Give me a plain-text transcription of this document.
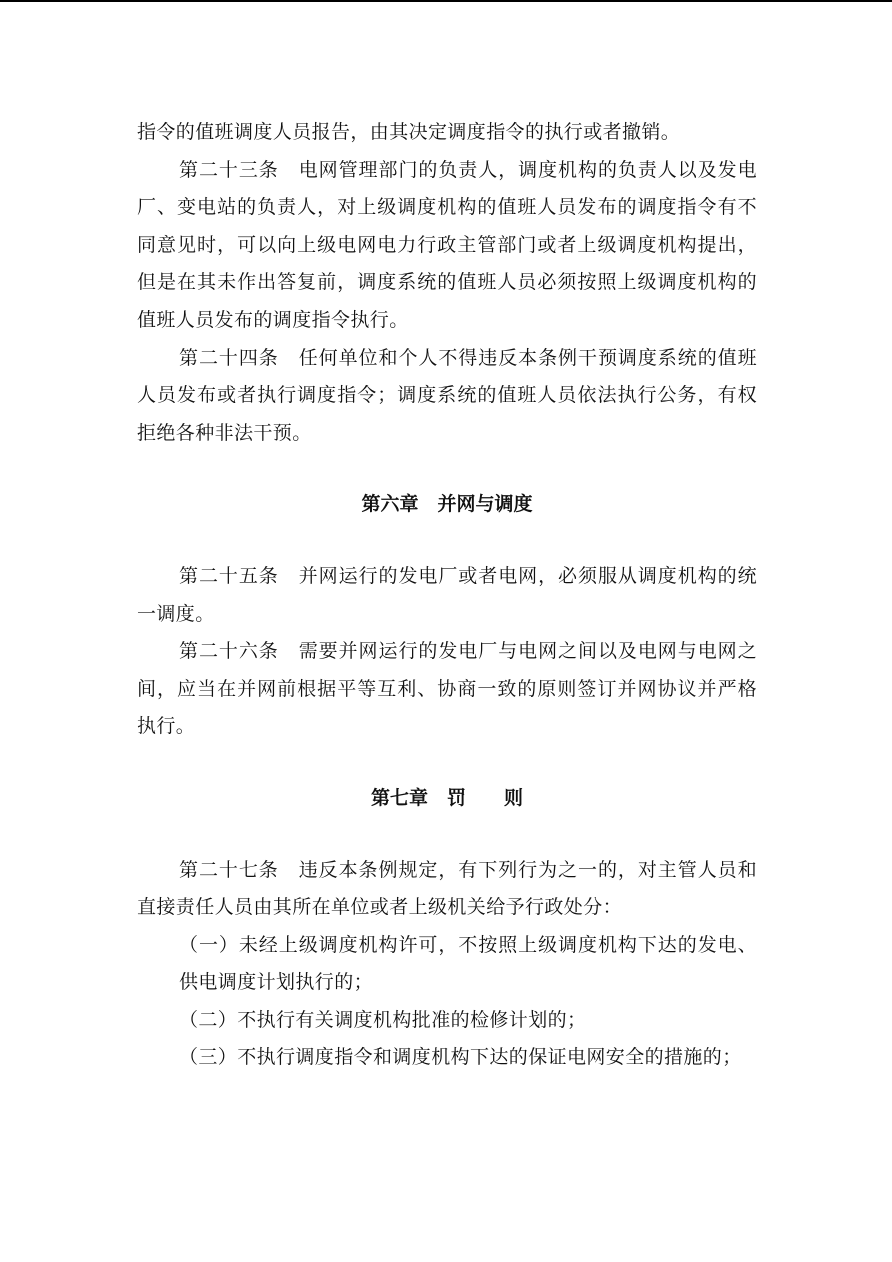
指令的值班调度人员报告，由其决定调度指令的执行或者撤销。

第二十三条　电网管理部门的负责人，调度机构的负责人以及发电厂、变电站的负责人，对上级调度机构的值班人员发布的调度指令有不同意见时，可以向上级电网电力行政主管部门或者上级调度机构提出，但是在其未作出答复前，调度系统的值班人员必须按照上级调度机构的值班人员发布的调度指令执行。

第二十四条　任何单位和个人不得违反本条例干预调度系统的值班人员发布或者执行调度指令；调度系统的值班人员依法执行公务，有权拒绝各种非法干预。

第六章　并网与调度

第二十五条　并网运行的发电厂或者电网，必须服从调度机构的统一调度。

第二十六条　需要并网运行的发电厂与电网之间以及电网与电网之间，应当在并网前根据平等互利、协商一致的原则签订并网协议并严格执行。

第七章　罚　　则

第二十七条　违反本条例规定，有下列行为之一的，对主管人员和直接责任人员由其所在单位或者上级机关给予行政处分：

（一）未经上级调度机构许可，不按照上级调度机构下达的发电、供电调度计划执行的；

（二）不执行有关调度机构批准的检修计划的；

（三）不执行调度指令和调度机构下达的保证电网安全的措施的；
